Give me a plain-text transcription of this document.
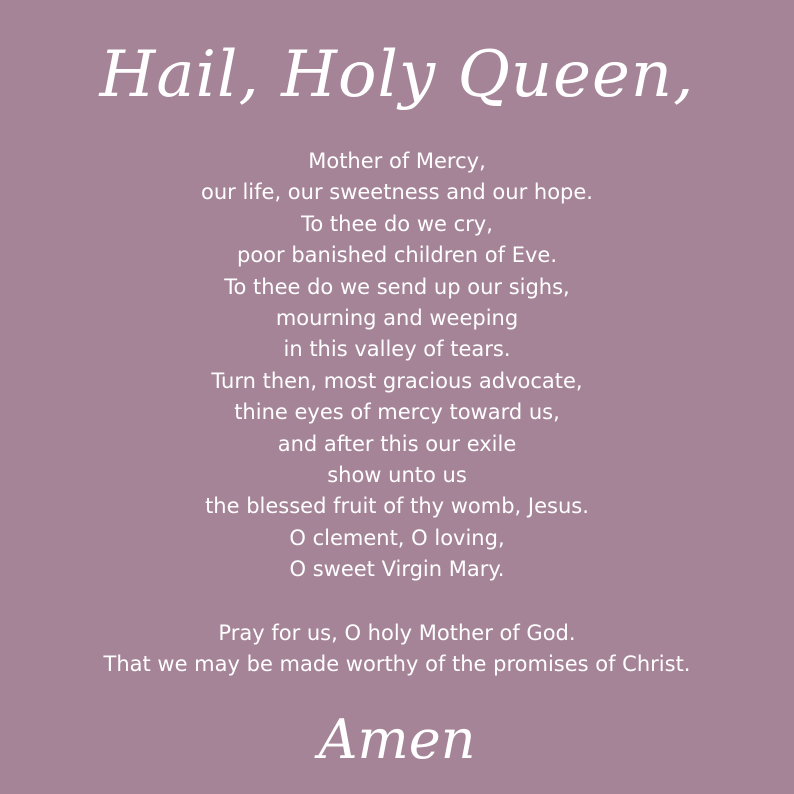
Hail, Holy Queen,
Mother of Mercy,
our life, our sweetness and our hope.
To thee do we cry,
poor banished children of Eve.
To thee do we send up our sighs,
mourning and weeping
in this valley of tears.
Turn then, most gracious advocate,
thine eyes of mercy toward us,
and after this our exile
show unto us
the blessed fruit of thy womb, Jesus.
O clement, O loving,
O sweet Virgin Mary.
Pray for us, O holy Mother of God.
That we may be made worthy of the promises of Christ.
Amen
